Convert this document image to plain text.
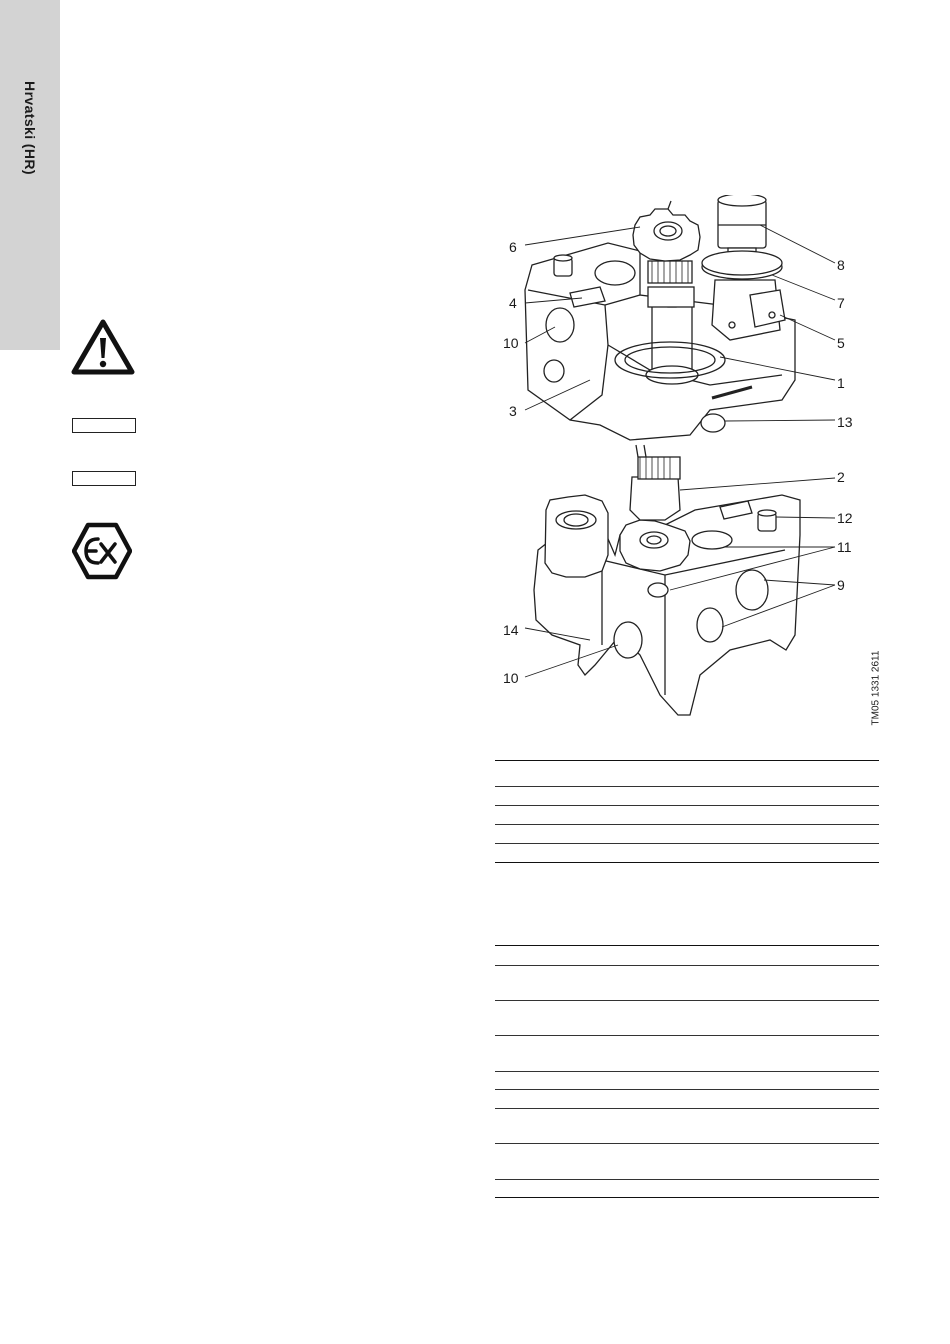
Hrvatski (HR)
6
8
4	7
10	5
1
3
13
2
12
11
9
14
10	TM05 1331 2611
